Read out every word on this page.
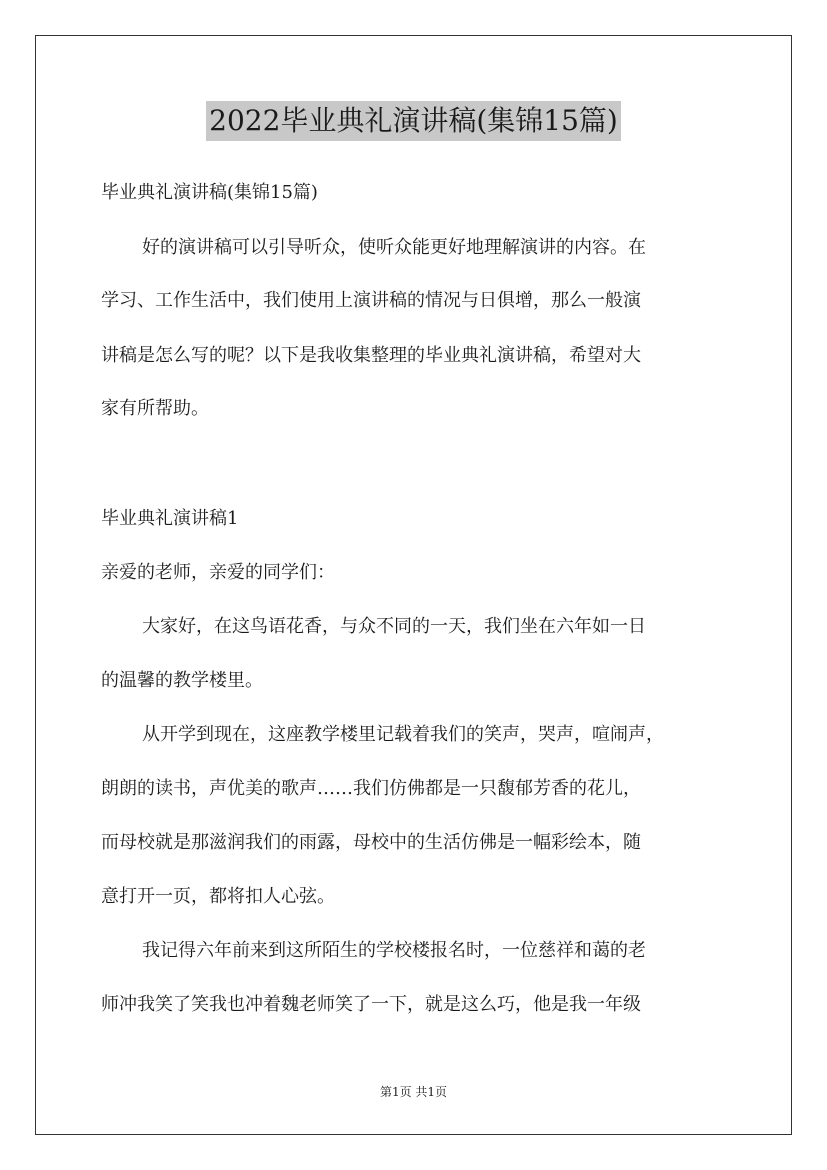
2022毕业典礼演讲稿(集锦15篇)
毕业典礼演讲稿(集锦15篇)
好的演讲稿可以引导听众，使听众能更好地理解演讲的内容。在
学习、工作生活中，我们使用上演讲稿的情况与日俱增，那么一般演
讲稿是怎么写的呢？以下是我收集整理的毕业典礼演讲稿，希望对大
家有所帮助。
毕业典礼演讲稿1
亲爱的老师，亲爱的同学们：
大家好，在这鸟语花香，与众不同的一天，我们坐在六年如一日
的温馨的教学楼里。
从开学到现在，这座教学楼里记载着我们的笑声，哭声，喧闹声，
朗朗的读书，声优美的歌声……我们仿佛都是一只馥郁芳香的花儿，
而母校就是那滋润我们的雨露，母校中的生活仿佛是一幅彩绘本，随
意打开一页，都将扣人心弦。
我记得六年前来到这所陌生的学校楼报名时，一位慈祥和蔼的老
师冲我笑了笑我也冲着魏老师笑了一下，就是这么巧，他是我一年级
第1页 共1页
